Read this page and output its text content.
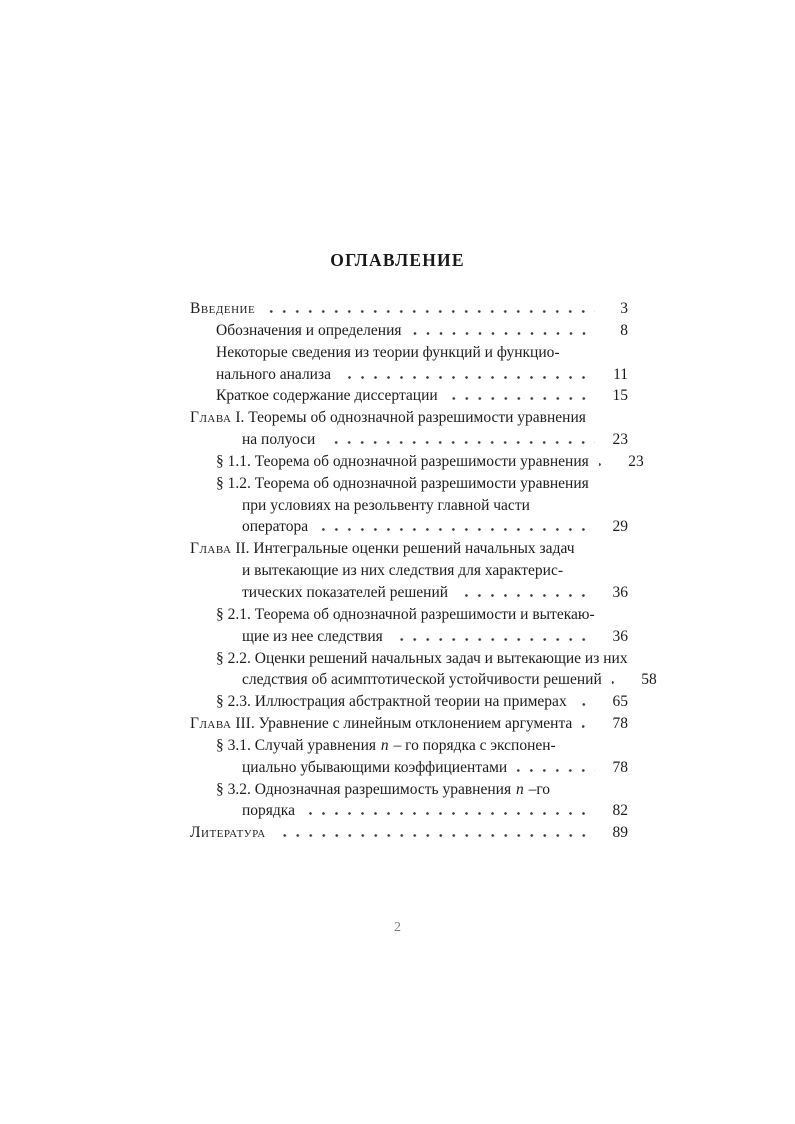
ОГЛАВЛЕНИЕ
Введение	3
Обозначения и определения	8
Некоторые сведения из теории функций и функцио-
нального анализа	11
Краткое содержание диссертации	15
Глава I. Теоремы об однозначной разрешимости уравнения
на полуоси	23
§ 1.1. Теорема об однозначной разрешимости уравнения	23
§ 1.2. Теорема об однозначной разрешимости уравнения
при условиях на резольвенту главной части
оператора	29
Глава II. Интегральные оценки решений начальных задач
и вытекающие из них следствия для характерис-
тических показателей решений	36
§ 2.1. Теорема об однозначной разрешимости и вытекаю-
щие из нее следствия	36
§ 2.2. Оценки решений начальных задач и вытекающие из них
следствия об асимптотической устойчивости решений	58
§ 2.3. Иллюстрация абстрактной теории на примерах	65
Глава III. Уравнение с линейным отклонением аргумента	78
§ 3.1. Случай уравнения n – го порядка с экспонен-
циально убывающими коэффициентами	78
§ 3.2. Однозначная разрешимость уравнения n –го
порядка	82
Литература	89
2
